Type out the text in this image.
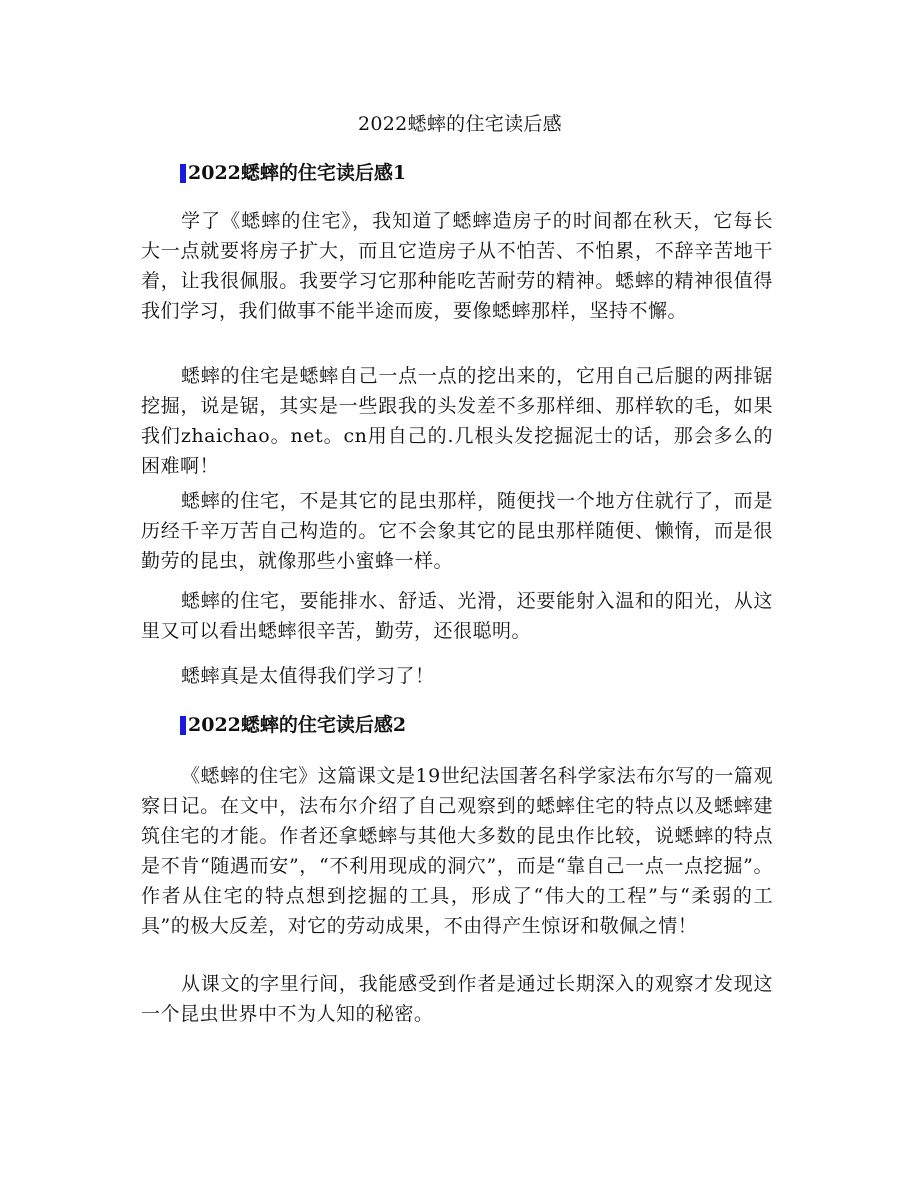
2022蟋蟀的住宅读后感
2022蟋蟀的住宅读后感1

学了《蟋蟀的住宅》，我知道了蟋蟀造房子的时间都在秋天，它每长大一点就要将房子扩大，而且它造房子从不怕苦、不怕累，不辞辛苦地干着，让我很佩服。我要学习它那种能吃苦耐劳的精神。蟋蟀的精神很值得我们学习，我们做事不能半途而废，要像蟋蟀那样，坚持不懈。

蟋蟀的住宅是蟋蟀自己一点一点的挖出来的，它用自己后腿的两排锯挖掘，说是锯，其实是一些跟我的头发差不多那样细、那样软的毛，如果我们zhaichao。net。cn用自己的.几根头发挖掘泥士的话，那会多么的困难啊！

蟋蟀的住宅，不是其它的昆虫那样，随便找一个地方住就行了，而是历经千辛万苦自己构造的。它不会象其它的昆虫那样随便、懒惰，而是很勤劳的昆虫，就像那些小蜜蜂一样。

蟋蟀的住宅，要能排水、舒适、光滑，还要能射入温和的阳光，从这里又可以看出蟋蟀很辛苦，勤劳，还很聪明。

蟋蟀真是太值得我们学习了！

2022蟋蟀的住宅读后感2

《蟋蟀的住宅》这篇课文是19世纪法国著名科学家法布尔写的一篇观察日记。在文中，法布尔介绍了自己观察到的蟋蟀住宅的特点以及蟋蟀建筑住宅的才能。作者还拿蟋蟀与其他大多数的昆虫作比较，说蟋蟀的特点是不肯“随遇而安”，“不利用现成的洞穴”，而是“靠自己一点一点挖掘”。作者从住宅的特点想到挖掘的工具，形成了“伟大的工程”与“柔弱的工具”的极大反差，对它的劳动成果，不由得产生惊讶和敬佩之情！

从课文的字里行间，我能感受到作者是通过长期深入的观察才发现这一个昆虫世界中不为人知的秘密。
